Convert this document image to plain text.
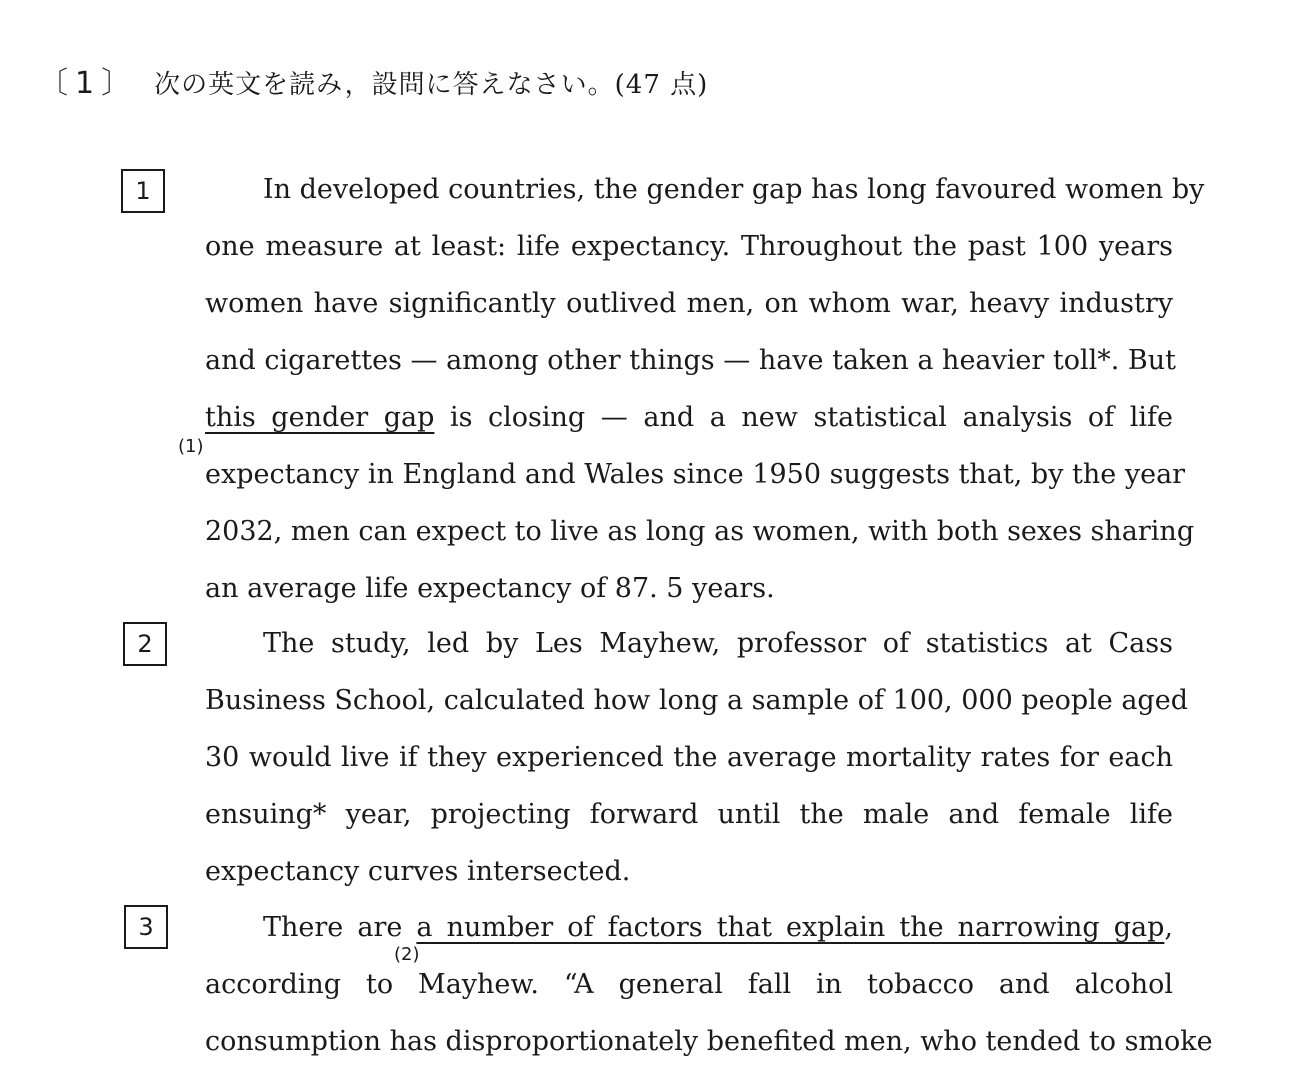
〔 1 〕 次の英文を読み，設問に答えなさい。(47 点)
1	In developed countries, the gender gap has long favoured women by
one measure at least: life expectancy. Throughout the past 100 years
women have significantly outlived men, on whom war, heavy industry
and cigarettes — among other things — have taken a heavier toll*. But
this gender gap is closing — and a new statistical analysis of life
(1)
expectancy in England and Wales since 1950 suggests that, by the year
2032, men can expect to live as long as women, with both sexes sharing
an average life expectancy of 87. 5 years.
2	The study, led by Les Mayhew, professor of statistics at Cass
Business School, calculated how long a sample of 100, 000 people aged
30 would live if they experienced the average mortality rates for each
ensuing* year, projecting forward until the male and female life
expectancy curves intersected.
3	There are a number of factors that explain the narrowing gap,
(2)
according to Mayhew. “A general fall in tobacco and alcohol
consumption has disproportionately benefited men, who tended to smoke
